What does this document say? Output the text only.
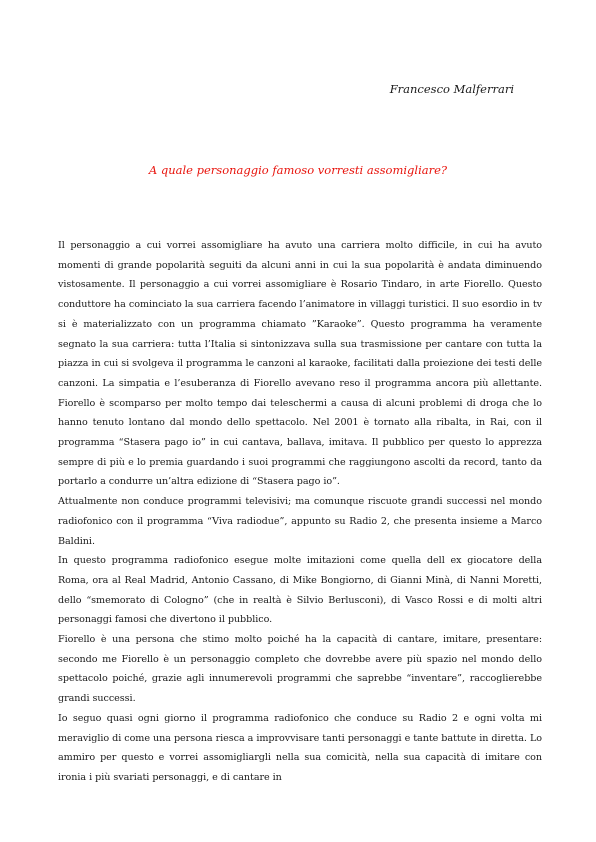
Francesco Malferrari
A quale personaggio famoso vorresti assomigliare?

Il personaggio a cui vorrei assomigliare ha avuto una carriera molto difficile, in cui ha avuto momenti di grande popolarità seguiti da alcuni anni in cui la sua popolarità è andata diminuendo vistosamente. Il personaggio a cui vorrei assomigliare è Rosario Tindaro, in arte Fiorello. Questo conduttore ha cominciato la sua carriera facendo l’animatore in villaggi turistici. Il suo esordio in tv si è materializzato con un programma chiamato ”Karaoke”. Questo programma ha veramente segnato la sua carriera: tutta l’Italia si sintonizzava sulla sua trasmissione per cantare con tutta la piazza in cui si svolgeva il programma le canzoni al karaoke, facilitati dalla proiezione dei testi delle canzoni. La simpatia e l’esuberanza di Fiorello avevano reso il programma ancora più allettante. Fiorello è scomparso per molto tempo dai teleschermi a causa di alcuni problemi di droga che lo hanno tenuto lontano dal mondo dello spettacolo. Nel 2001 è tornato alla ribalta, in Rai, con il programma “Stasera pago io” in cui cantava, ballava, imitava. Il pubblico per questo lo apprezza sempre di più e lo premia guardando i suoi programmi che raggiungono ascolti da record, tanto da portarlo a condurre un’altra edizione di “Stasera pago io”.

Attualmente non conduce programmi televisivi; ma comunque riscuote grandi successi nel mondo radiofonico con il programma “Viva radiodue”, appunto su Radio 2, che presenta insieme a Marco Baldini.

In questo programma radiofonico esegue molte imitazioni come quella dell ex giocatore della Roma, ora al Real Madrid, Antonio Cassano, di Mike Bongiorno, di Gianni Minà, di Nanni Moretti, dello “smemorato di Cologno” (che in realtà è Silvio Berlusconi), di Vasco Rossi e di molti altri personaggi famosi che divertono il pubblico.

Fiorello è una persona che stimo molto poiché ha la capacità di cantare, imitare, presentare: secondo me Fiorello è un personaggio completo che dovrebbe avere più spazio nel mondo dello spettacolo poiché, grazie agli innumerevoli programmi che saprebbe “inventare”, raccoglierebbe grandi successi.

Io seguo quasi ogni giorno il programma radiofonico che conduce su Radio 2 e ogni volta mi meraviglio di come una persona riesca a improvvisare tanti personaggi e tante battute in diretta. Lo ammiro per questo e vorrei assomigliargli nella sua comicità, nella sua capacità di imitare con ironia i più svariati personaggi, e di cantare in
